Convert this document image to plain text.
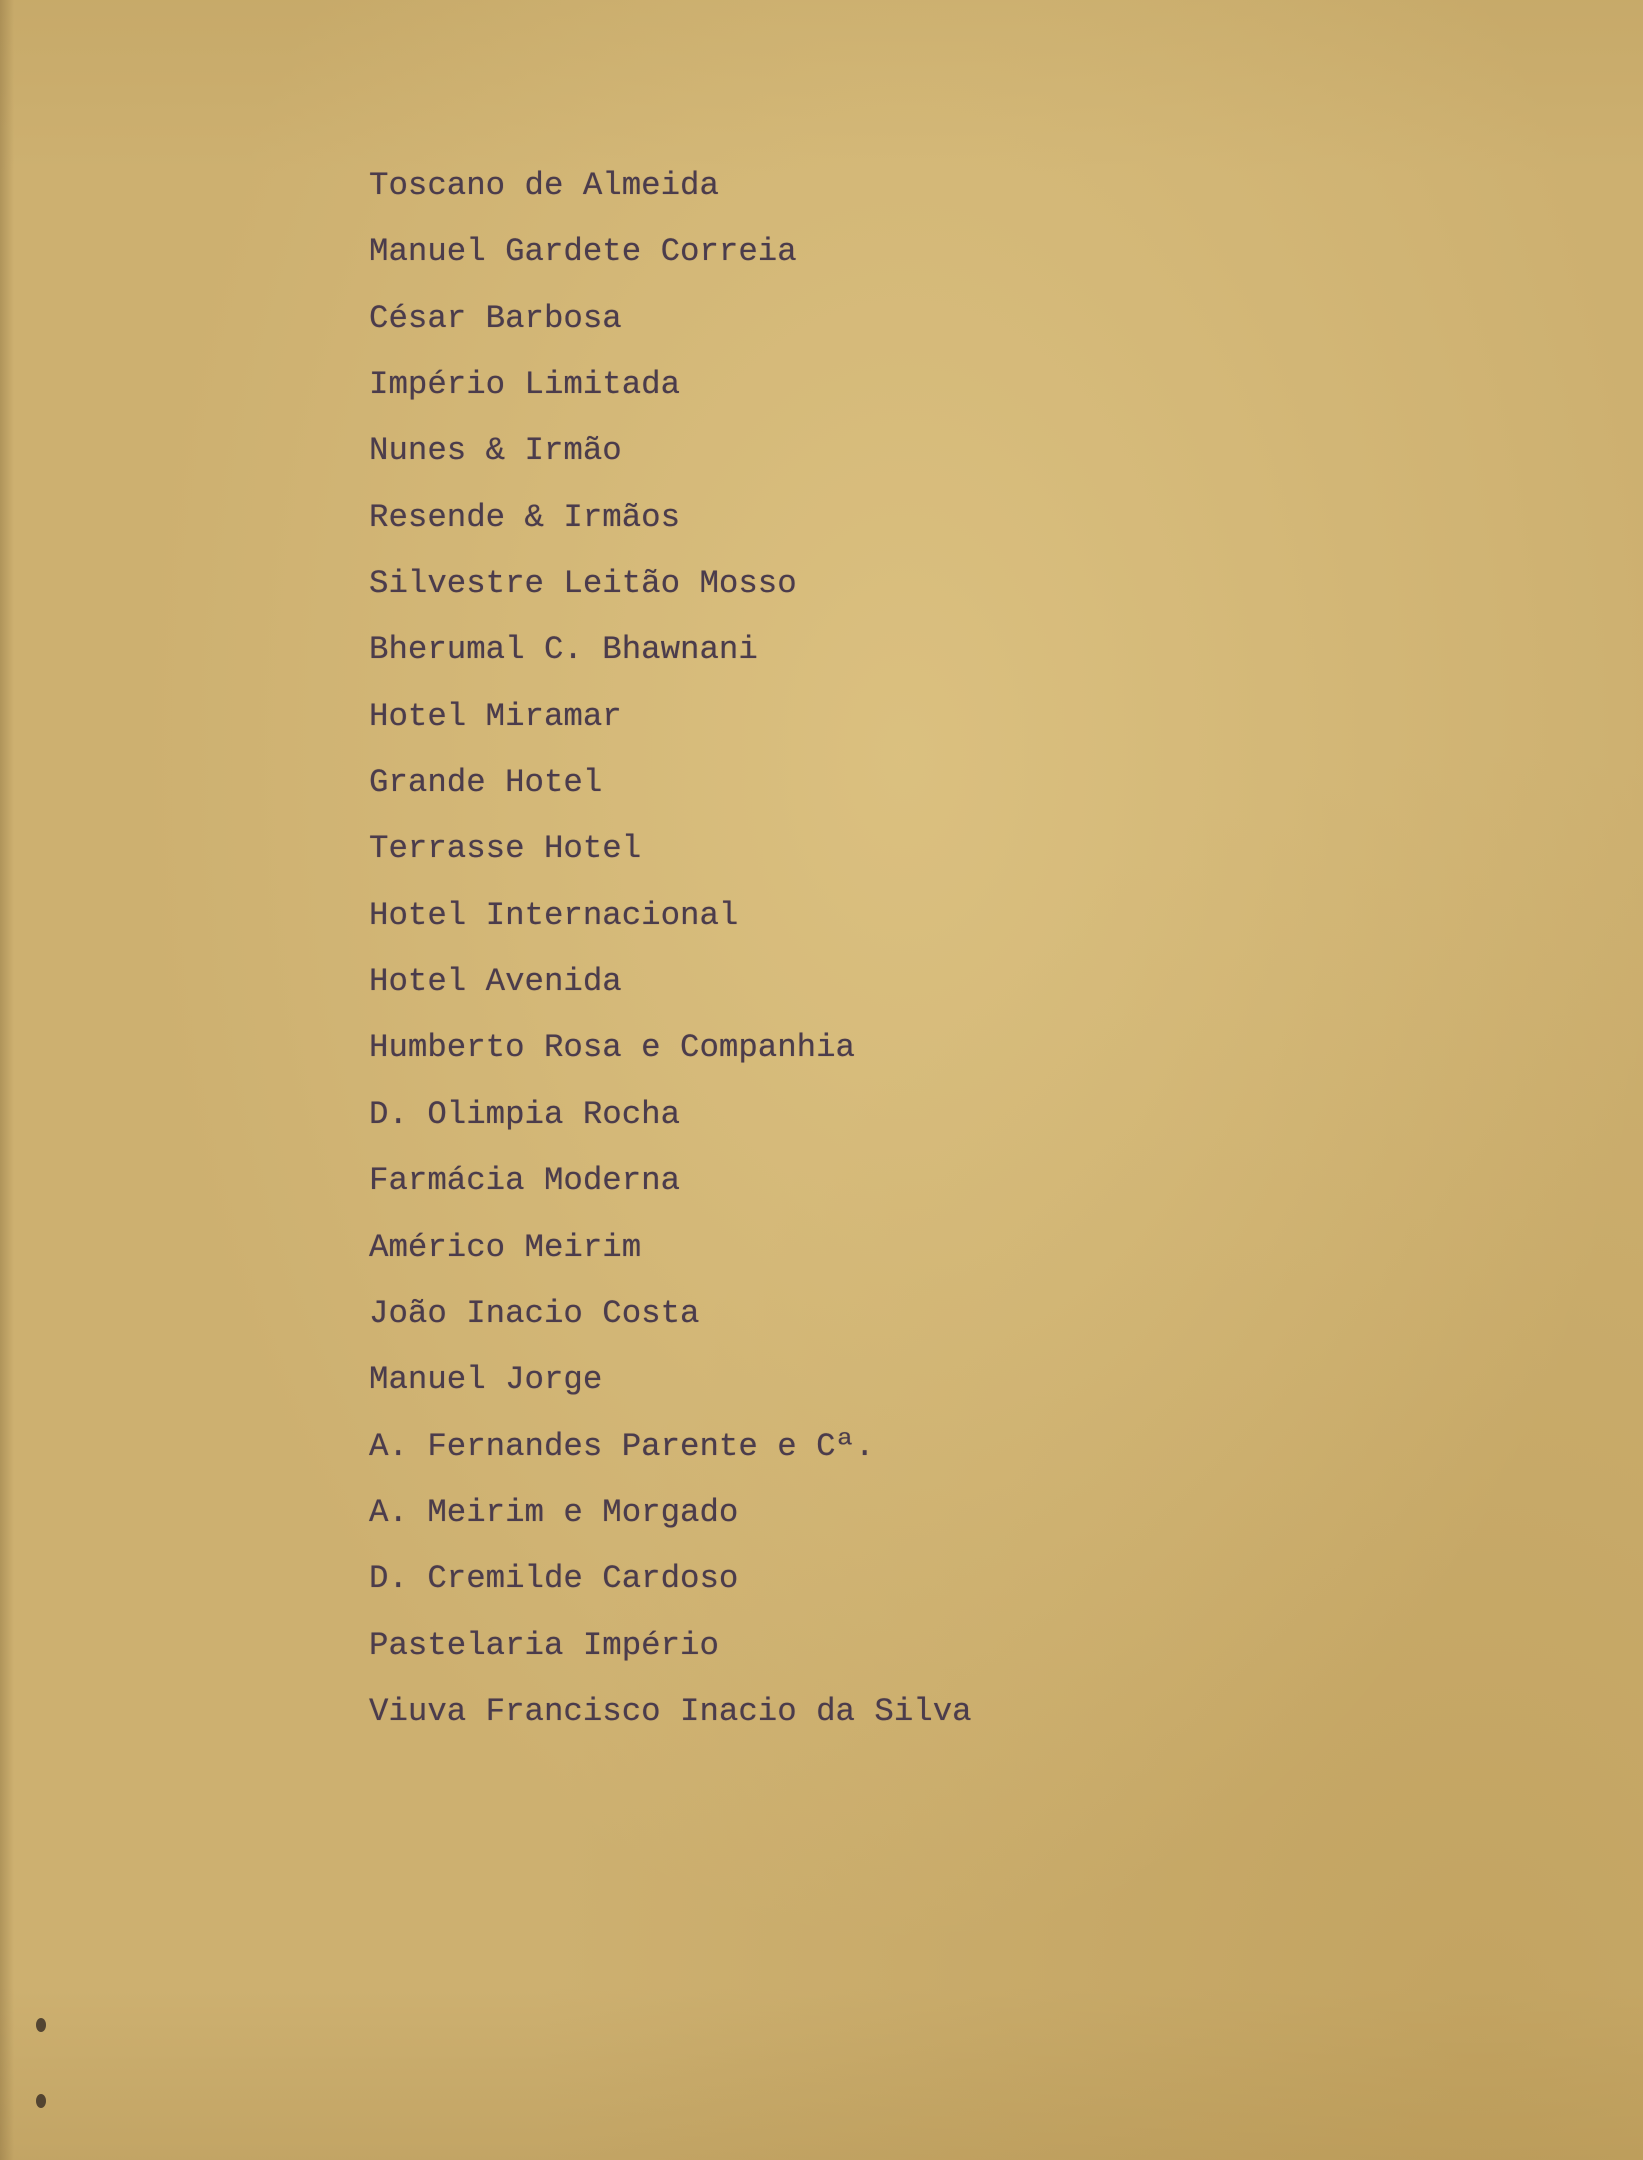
Toscano de Almeida
Manuel Gardete Correia
César Barbosa
Império Limitada
Nunes & Irmão
Resende & Irmãos
Silvestre Leitão Mosso
Bherumal C. Bhawnani
Hotel Miramar
Grande Hotel
Terrasse Hotel
Hotel Internacional
Hotel Avenida
Humberto Rosa e Companhia
D. Olimpia Rocha
Farmácia Moderna
Américo Meirim
João Inacio Costa
Manuel Jorge
A. Fernandes Parente e Cª.
A. Meirim e Morgado
D. Cremilde Cardoso
Pastelaria Império
Viuva Francisco Inacio da Silva
